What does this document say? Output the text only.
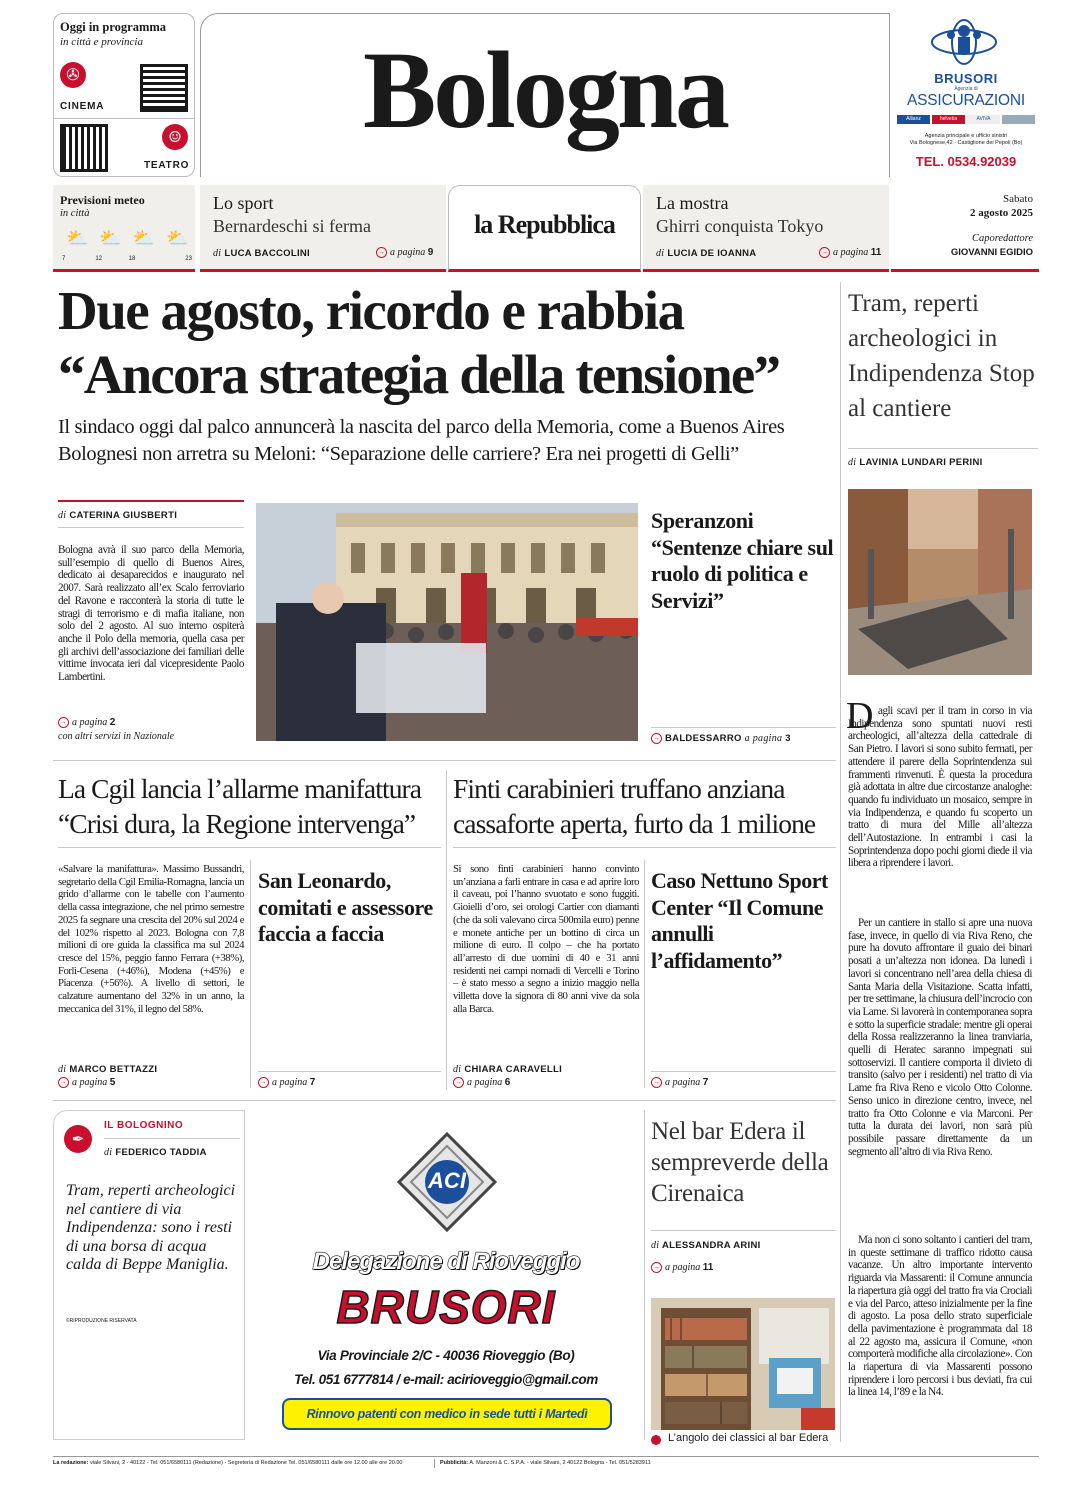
Oggi in programma
in città e provincia
✇
CINEMA
☺
TEATRO
Bologna	BRUSORI
Agenzia di
ASSICURAZIONI
Allianz	helvetia	AVIVA
Agenzia principale e ufficio sinistri
Via Bolognese,42 - Castiglione dei Pepoli (Bo)
TEL. 0534.92039
Previsioni meteo
in città
⛅
7
⛅
12
⛅
18
⛅
23
Lo sport
Bernardeschi si ferma
di LUCA BACCOLINI	→ a pagina 9
la Repubblica
La mostra
Ghirri conquista Tokyo
di LUCIA DE IOANNA	→ a pagina 11
Sabato
2 agosto 2025
Caporedattore
GIOVANNI EGIDIO
Due agosto, ricordo e rabbia
“Ancora strategia della tensione”
Il sindaco oggi dal palco annuncerà la nascita del parco della Memoria, come a Buenos Aires
Bolognesi non arretra su Meloni: “Separazione delle carriere? Era nei progetti di Gelli”
di CATERINA GIUSBERTI
Bologna avrà il suo parco della Memoria, sull’esempio di quello di Buenos Aires, dedicato ai desaparecidos e inaugurato nel 2007. Sarà realizzato all’ex Scalo ferroviario del Ravone e racconterà la storia di tutte le stragi di terrorismo e di mafia italiane, non solo del 2 agosto. Al suo interno ospiterà anche il Polo della memoria, quella casa per gli archivi dell’associazione dei familiari delle vittime invocata ieri dal vicepresidente Paolo Lambertini.
→ a pagina 2
con altri servizi in Nazionale
Speranzoni “Sentenze chiare sul ruolo di politica e Servizi”
→ BALDESSARRO a pagina 3
Tram, reperti archeologici in Indipendenza Stop al cantiere
di LAVINIA LUNDARI PERINI
D agli scavi per il tram in corso in via Indipendenza sono spuntati nuovi resti archeologici, all’altezza della cattedrale di San Pietro. I lavori si sono subito fermati, per attendere il parere della Soprintendenza sui frammenti rinvenuti. È questa la procedura già adottata in altre due circostanze analoghe: quando fu individuato un mosaico, sempre in via Indipendenza, e quando fu scoperto un tratto di mura del Mille all’altezza dell’Autostazione. In entrambi i casi la Soprintendenza dopo pochi giorni diede il via libera a riprendere i lavori.
Per un cantiere in stallo si apre una nuova fase, invece, in quello di via Riva Reno, che pure ha dovuto affrontare il guaio dei binari posati a un’altezza non idonea. Da lunedì i lavori si concentrano nell’area della chiesa di Santa Maria della Visitazione. Scatta infatti, per tre settimane, la chiusura dell’incrocio con via Lame. Si lavorerà in contemporanea sopra e sotto la superficie stradale: mentre gli operai della Rossa realizzeranno la linea tranviaria, quelli di Heratec saranno impegnati sui sottoservizi. Il cantiere comporta il divieto di transito (salvo per i residenti) nel tratto di via Lame fra Riva Reno e vicolo Otto Colonne. Senso unico in direzione centro, invece, nel tratto fra Otto Colonne e via Marconi. Per tutta la durata dei lavori, non sarà più possibile passare direttamente da un segmento all’altro di via Riva Reno.
Ma non ci sono soltanto i cantieri del tram, in queste settimane di traffico ridotto causa vacanze. Un altro importante intervento riguarda via Massarenti: il Comune annuncia la riapertura già oggi del tratto fra via Crociali e via del Parco, atteso inizialmente per la fine di agosto. La posa dello strato superficiale della pavimentazione è programmata dal 18 al 22 agosto ma, assicura il Comune, «non comporterà modifiche alla circolazione». Con la riapertura di via Massarenti possono riprendere i loro percorsi i bus deviati, fra cui la linea 14, l’89 e la N4.
La Cgil lancia l’allarme manifattura
“Crisi dura, la Regione intervenga”
«Salvare la manifattura». Massimo Bussandri, segretario della Cgil Emilia-Romagna, lancia un grido d’allarme con le tabelle con l’aumento della cassa integrazione, che nel primo semestre 2025 fa segnare una crescita del 20% sul 2024 e del 102% rispetto al 2023. Bologna con 7,8 milioni di ore guida la classifica ma sul 2024 cresce del 15%, peggio fanno Ferrara (+38%), Forlì-Cesena (+46%), Modena (+45%) e Piacenza (+56%). A livello di settori, le calzature aumentano del 32% in un anno, la meccanica del 31%, il legno del 58%.
di MARCO BETTAZZI
→ a pagina 5
San Leonardo, comitati e assessore faccia a faccia
→ a pagina 7
Finti carabinieri truffano anziana
cassaforte aperta, furto da 1 milione
Si sono finti carabinieri hanno convinto un’anziana a farli entrare in casa e ad aprire loro il caveau, poi l’hanno svuotato e sono fuggiti. Gioielli d’oro, sei orologi Cartier con diamanti (che da soli valevano circa 500mila euro) penne e monete antiche per un bottino di circa un milione di euro. Il colpo – che ha portato all’arresto di due uomini di 40 e 31 anni residenti nei campi nomadi di Vercelli e Torino – è stato messo a segno a inizio maggio nella villetta dove la signora di 80 anni vive da sola alla Barca.
di CHIARA CARAVELLI
→ a pagina 6
Caso Nettuno Sport Center “Il Comune annulli l’affidamento”
→ a pagina 7
✒
IL BOLOGNINO
di FEDERICO TADDIA
Tram, reperti archeologici nel cantiere di via Indipendenza: sono i resti di una borsa di acqua calda di Beppe Maniglia.
©RIPRODUZIONE RISERVATA
ACI
Delegazione di Rioveggio
BRUSORI
Via Provinciale 2/C - 40036 Rioveggio (Bo)
Tel. 051 6777814 / e-mail: acirioveggio@gmail.com
Rinnovo patenti con medico in sede tutti i Martedì
Nel bar Edera il sempreverde della Cirenaica
di ALESSANDRA ARINI
→ a pagina 11
L’angolo dei classici al bar Edera
La redazione: viale Silvani, 2 - 40122 - Tel. 051/6580111 (Redazione) - Segreteria di Redazione Tel. 051/6580111 dalle ore 12.00 alle ore 20.00	Pubblicità: A. Manzoni & C. S.P.A. - viale Silvani, 2 40122 Bologna - Tel. 051/5283911
